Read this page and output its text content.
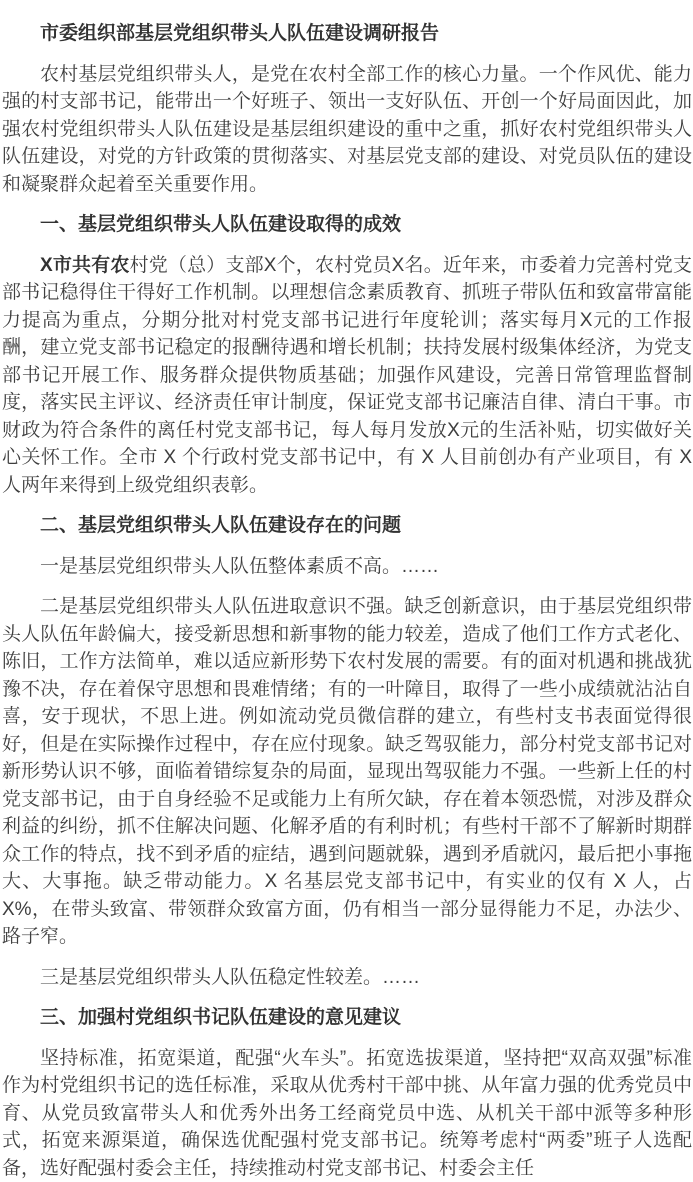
市委组织部基层党组织带头人队伍建设调研报告

农村基层党组织带头人，是党在农村全部工作的核心力量。一个作风优、能力强的村支部书记，能带出一个好班子、领出一支好队伍、开创一个好局面因此，加强农村党组织带头人队伍建设是基层组织建设的重中之重，抓好农村党组织带头人队伍建设，对党的方针政策的贯彻落实、对基层党支部的建设、对党员队伍的建设和凝聚群众起着至关重要作用。

一、基层党组织带头人队伍建设取得的成效

X市共有农村党（总）支部X个，农村党员X名。近年来，市委着力完善村党支部书记稳得住干得好工作机制。以理想信念素质教育、抓班子带队伍和致富带富能力提高为重点，分期分批对村党支部书记进行年度轮训；落实每月X元的工作报酬，建立党支部书记稳定的报酬待遇和增长机制；扶持发展村级集体经济，为党支部书记开展工作、服务群众提供物质基础；加强作风建设，完善日常管理监督制度，落实民主评议、经济责任审计制度，保证党支部书记廉洁自律、清白干事。市财政为符合条件的离任村党支部书记，每人每月发放X元的生活补贴，切实做好关心关怀工作。全市 X 个行政村党支部书记中，有 X 人目前创办有产业项目，有 X 人两年来得到上级党组织表彰。

二、基层党组织带头人队伍建设存在的问题

一是基层党组织带头人队伍整体素质不高。……

二是基层党组织带头人队伍进取意识不强。缺乏创新意识，由于基层党组织带头人队伍年龄偏大，接受新思想和新事物的能力较差，造成了他们工作方式老化、陈旧，工作方法简单，难以适应新形势下农村发展的需要。有的面对机遇和挑战犹豫不决，存在着保守思想和畏难情绪；有的一叶障目，取得了一些小成绩就沾沾自喜，安于现状，不思上进。例如流动党员微信群的建立，有些村支书表面觉得很好，但是在实际操作过程中，存在应付现象。缺乏驾驭能力，部分村党支部书记对新形势认识不够，面临着错综复杂的局面，显现出驾驭能力不强。一些新上任的村党支部书记，由于自身经验不足或能力上有所欠缺，存在着本领恐慌，对涉及群众利益的纠纷，抓不住解决问题、化解矛盾的有利时机；有些村干部不了解新时期群众工作的特点，找不到矛盾的症结，遇到问题就躲，遇到矛盾就闪，最后把小事拖大、大事拖。缺乏带动能力。X 名基层党支部书记中，有实业的仅有 X 人，占 X%，在带头致富、带领群众致富方面，仍有相当一部分显得能力不足，办法少、路子窄。

三是基层党组织带头人队伍稳定性较差。……

三、加强村党组织书记队伍建设的意见建议

坚持标准，拓宽渠道，配强“火车头”。拓宽选拔渠道，坚持把“双高双强”标准作为村党组织书记的选任标准，采取从优秀村干部中挑、从年富力强的优秀党员中育、从党员致富带头人和优秀外出务工经商党员中选、从机关干部中派等多种形式，拓宽来源渠道，确保选优配强村党支部书记。统筹考虑村“两委”班子人选配备，选好配强村委会主任，持续推动村党支部书记、村委会主任
